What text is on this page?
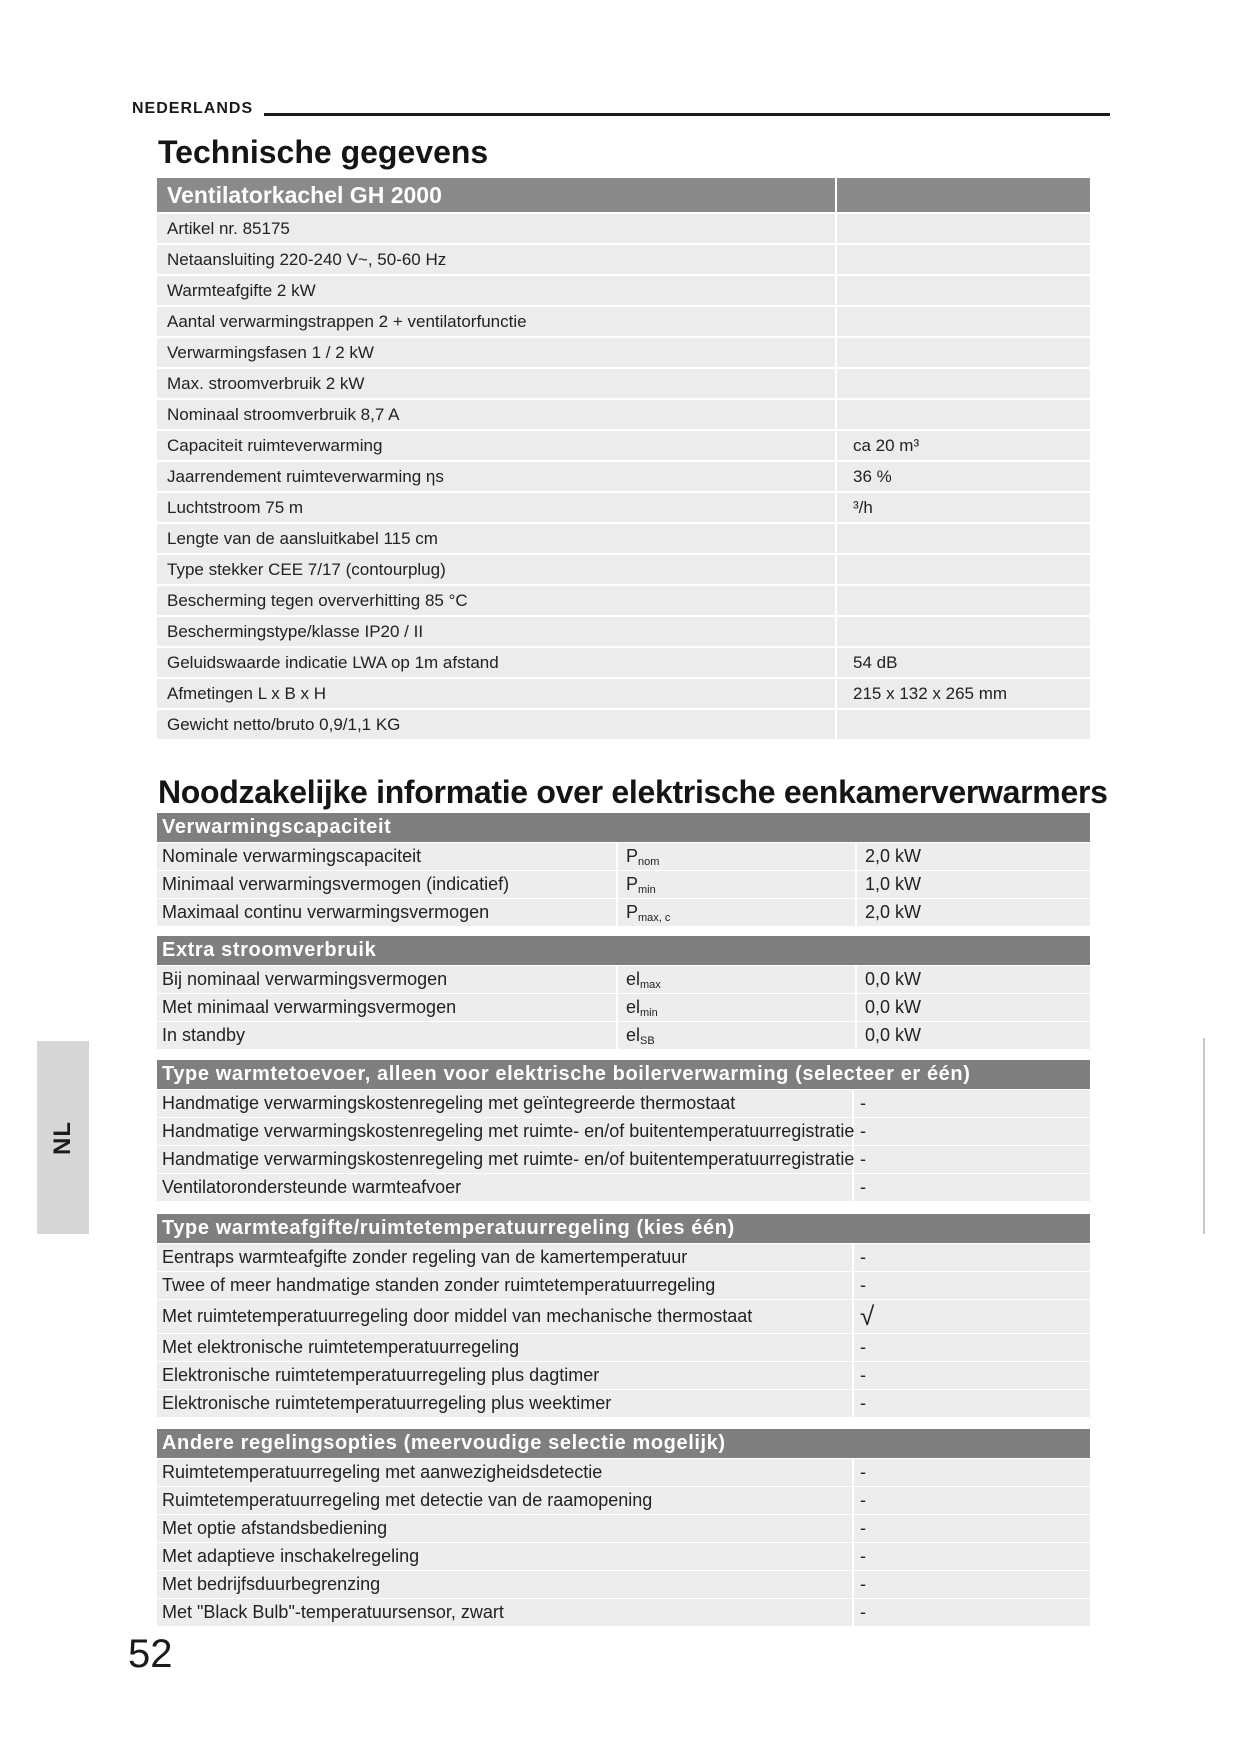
NEDERLANDS
Technische gegevens
Ventilatorkachel GH 2000
Artikel nr. 85175
Netaansluiting 220-240 V~, 50-60 Hz
Warmteafgifte 2 kW
Aantal verwarmingstrappen 2 + ventilatorfunctie
Verwarmingsfasen 1 / 2 kW
Max. stroomverbruik 2 kW
Nominaal stroomverbruik 8,7 A
Capaciteit ruimteverwarming	ca 20 m³
Jaarrendement ruimteverwarming ηs	36 %
Luchtstroom 75 m	³/h
Lengte van de aansluitkabel 115 cm
Type stekker CEE 7/17 (contourplug)
Bescherming tegen oververhitting 85 °C
Beschermingstype/klasse IP20 / II
Geluidswaarde indicatie LWA op 1m afstand	54 dB
Afmetingen L x B x H	215 x 132 x 265 mm
Gewicht netto/bruto 0,9/1,1 KG
Noodzakelijke informatie over elektrische eenkamerverwarmers
Verwarmingscapaciteit
Nominale verwarmingscapaciteit	Pnom	2,0 kW
Minimaal verwarmingsvermogen (indicatief)	Pmin	1,0 kW
Maximaal continu verwarmingsvermogen	Pmax, c	2,0 kW
Extra stroomverbruik
Bij nominaal verwarmingsvermogen	elmax	0,0 kW
Met minimaal verwarmingsvermogen	elmin	0,0 kW
In standby	elSB	0,0 kW
Type warmtetoevoer, alleen voor elektrische boilerverwarming (selecteer er één)
Handmatige verwarmingskostenregeling met geïntegreerde thermostaat	-
Handmatige verwarmingskostenregeling met ruimte- en/of buitentemperatuurregistratie -
Handmatige verwarmingskostenregeling met ruimte- en/of buitentemperatuurregistratie -
Ventilatorondersteunde warmteafvoer	-
Type warmteafgifte/ruimtetemperatuurregeling (kies één)
Eentraps warmteafgifte zonder regeling van de kamertemperatuur	-
Twee of meer handmatige standen zonder ruimtetemperatuurregeling	-
Met ruimtetemperatuurregeling door middel van mechanische thermostaat	√
Met elektronische ruimtetemperatuurregeling	-
Elektronische ruimtetemperatuurregeling plus dagtimer	-
Elektronische ruimtetemperatuurregeling plus weektimer	-
Andere regelingsopties (meervoudige selectie mogelijk)
Ruimtetemperatuurregeling met aanwezigheidsdetectie	-
Ruimtetemperatuurregeling met detectie van de raamopening	-
Met optie afstandsbediening	-
Met adaptieve inschakelregeling	-
Met bedrijfsduurbegrenzing	-
Met "Black Bulb"-temperatuursensor, zwart	-
NL
52
